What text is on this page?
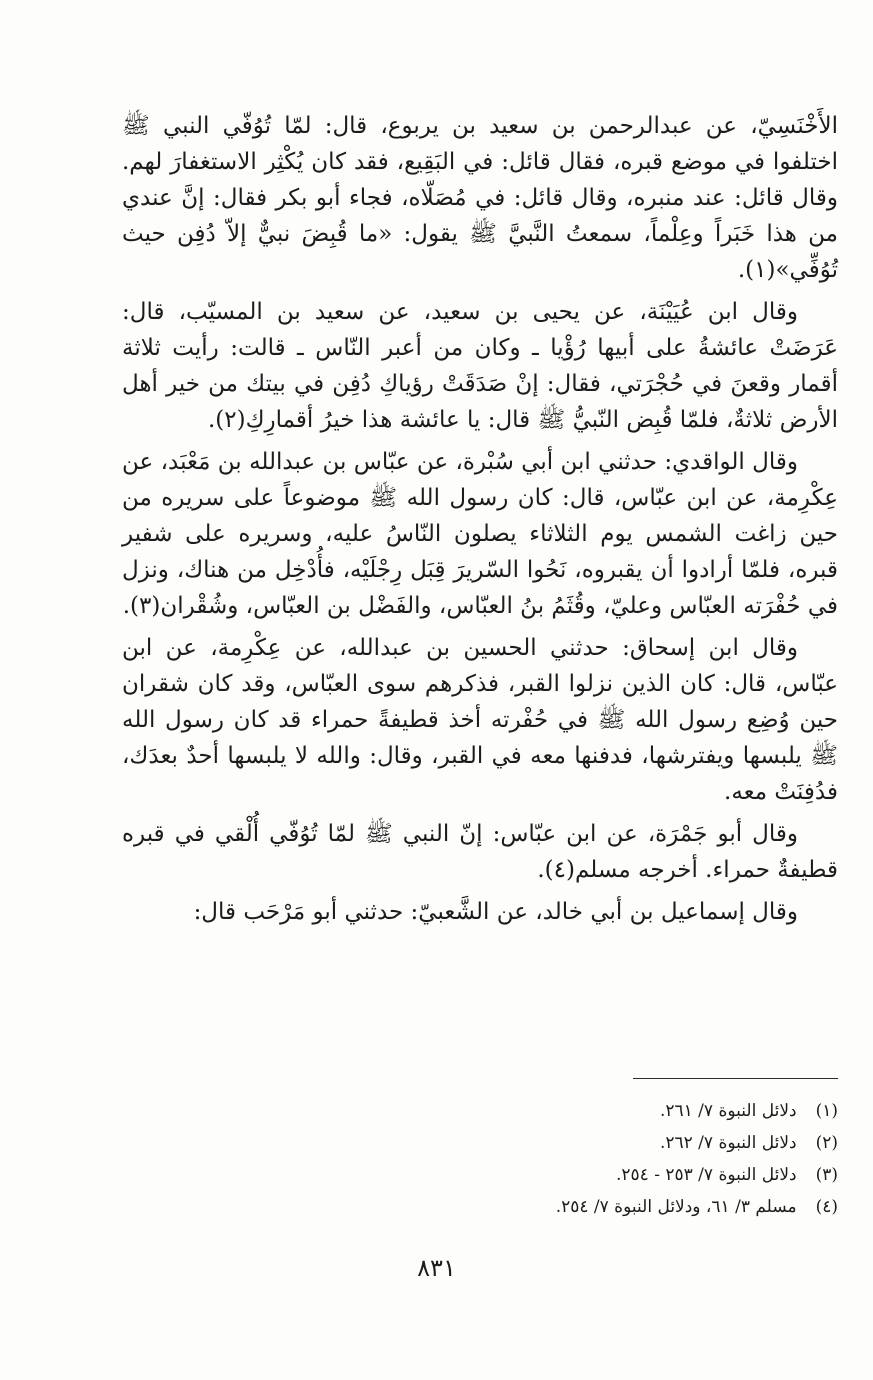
الأَخْنَسِيّ، عن عبدالرحمن بن سعيد بن يربوع، قال: لمّا تُوُفّي النبي ﷺ اختلفوا في موضع قبره، فقال قائل: في البَقِيع، فقد كان يُكْثِر الاستغفارَ لهم. وقال قائل: عند منبره، وقال قائل: في مُصَلّاه، فجاء أبو بكر فقال: إنَّ عندي من هذا خَبَراً وعِلْماً، سمعتُ النَّبيَّ ﷺ يقول: «ما قُبِضَ نبيٌّ إلاّ دُفِن حيث تُوُفِّي»(١).

وقال ابن عُيَيْنَة، عن يحيى بن سعيد، عن سعيد بن المسيّب، قال: عَرَضَتْ عائشةُ على أبيها رُؤْيا ـ وكان من أعبر النّاس ـ قالت: رأيت ثلاثة أقمار وقعنَ في حُجْرَتي، فقال: إنْ صَدَقَتْ رؤياكِ دُفِن في بيتك من خير أهل الأرض ثلاثةٌ، فلمّا قُبِض النّبيُّ ﷺ قال: يا عائشة هذا خيرُ أقمارِكِ(٢).

وقال الواقدي: حدثني ابن أبي سُبْرة، عن عبّاس بن عبدالله بن مَعْبَد، عن عِكْرِمة، عن ابن عبّاس، قال: كان رسول الله ﷺ موضوعاً على سريره من حين زاغت الشمس يوم الثلاثاء يصلون النّاسُ عليه، وسريره على شفير قبره، فلمّا أرادوا أن يقبروه، نَحُوا السّريرَ قِبَل رِجْلَيْه، فأُدْخِل من هناك، ونزل في حُفْرَته العبّاس وعليّ، وقُثَمُ بنُ العبّاس، والفَضْل بن العبّاس، وشُقْران(٣).

وقال ابن إسحاق: حدثني الحسين بن عبدالله، عن عِكْرِمة، عن ابن عبّاس، قال: كان الذين نزلوا القبر، فذكرهم سوى العبّاس، وقد كان شقران حين وُضِع رسول الله ﷺ في حُفْرته أخذ قطيفةً حمراء قد كان رسول الله ﷺ يلبسها ويفترشها، فدفنها معه في القبر، وقال: والله لا يلبسها أحدٌ بعدَك، فدُفِنَتْ معه.

وقال أبو جَمْرَة، عن ابن عبّاس: إنّ النبي ﷺ لمّا تُوُفّي أُلْقي في قبره قطيفةٌ حمراء. أخرجه مسلم(٤).

وقال إسماعيل بن أبي خالد، عن الشَّعبيّ: حدثني أبو مَرْحَب قال:

(١) دلائل النبوة ٧/ ٢٦١.
(٢) دلائل النبوة ٧/ ٢٦٢.
(٣) دلائل النبوة ٧/ ٢٥٣ - ٢٥٤.
(٤) مسلم ٣/ ٦١، ودلائل النبوة ٧/ ٢٥٤.
٨٣١
